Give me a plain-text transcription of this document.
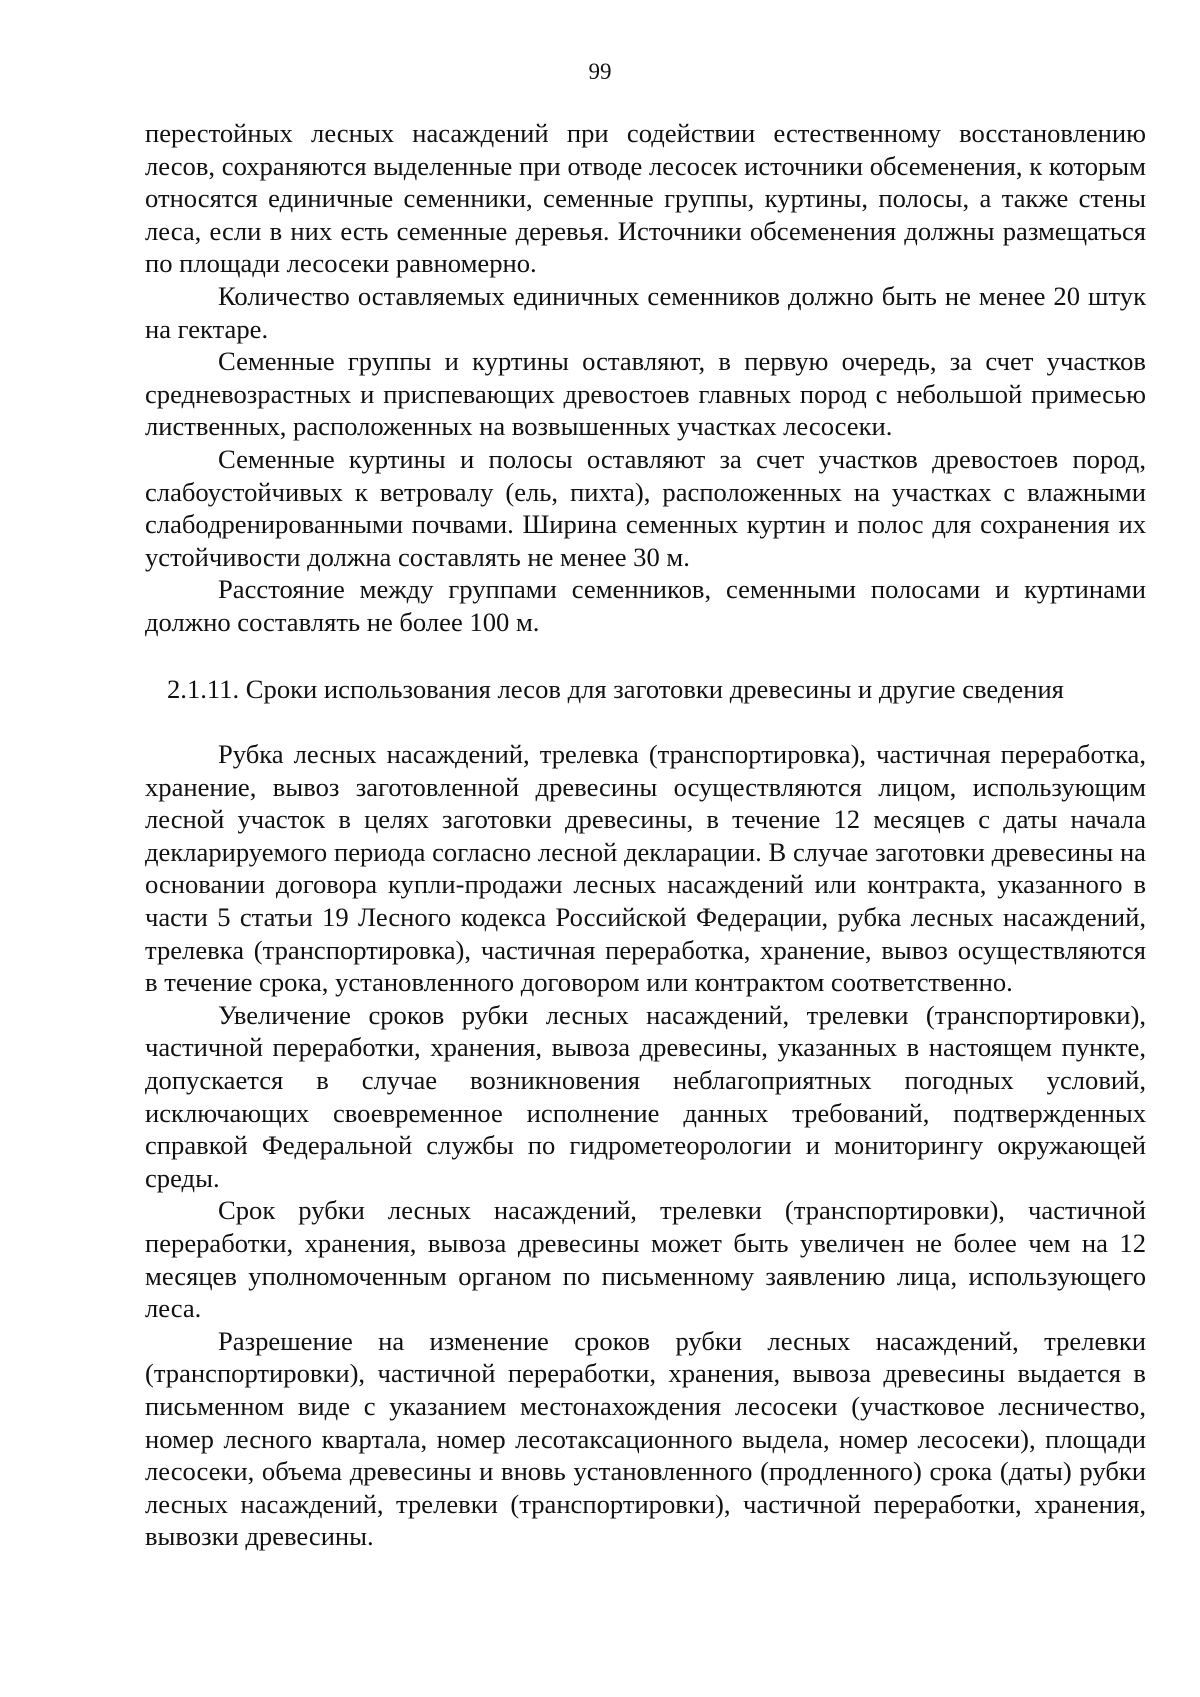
99

перестойных лесных насаждений при содействии естественному восстановлению лесов, сохраняются выделенные при отводе лесосек источники обсеменения, к которым относятся единичные семенники, семенные группы, куртины, полосы, а также стены леса, если в них есть семенные деревья. Источники обсеменения должны размещаться по площади лесосеки равномерно.

Количество оставляемых единичных семенников должно быть не менее 20 штук на гектаре.

Семенные группы и куртины оставляют, в первую очередь, за счет участков средневозрастных и приспевающих древостоев главных пород с небольшой примесью лиственных, расположенных на возвышенных участках лесосеки.

Семенные куртины и полосы оставляют за счет участков древостоев пород, слабоустойчивых к ветровалу (ель, пихта), расположенных на участках с влажными слабодренированными почвами. Ширина семенных куртин и полос для сохранения их устойчивости должна составлять не менее 30 м.

Расстояние между группами семенников, семенными полосами и куртинами должно составлять не более 100 м.

2.1.11. Сроки использования лесов для заготовки древесины и другие сведения

Рубка лесных насаждений, трелевка (транспортировка), частичная переработка, хранение, вывоз заготовленной древесины осуществляются лицом, использующим лесной участок в целях заготовки древесины, в течение 12 месяцев с даты начала декларируемого периода согласно лесной декларации. В случае заготовки древесины на основании договора купли-продажи лесных насаждений или контракта, указанного в части 5 статьи 19 Лесного кодекса Российской Федерации, рубка лесных насаждений, трелевка (транспортировка), частичная переработка, хранение, вывоз осуществляются в течение срока, установленного договором или контрактом соответственно.

Увеличение сроков рубки лесных насаждений, трелевки (транспортировки), частичной переработки, хранения, вывоза древесины, указанных в настоящем пункте, допускается в случае возникновения неблагоприятных погодных условий, исключающих своевременное исполнение данных требований, подтвержденных справкой Федеральной службы по гидрометеорологии и мониторингу окружающей среды.

Срок рубки лесных насаждений, трелевки (транспортировки), частичной переработки, хранения, вывоза древесины может быть увеличен не более чем на 12 месяцев уполномоченным органом по письменному заявлению лица, использующего леса.

Разрешение на изменение сроков рубки лесных насаждений, трелевки (транспортировки), частичной переработки, хранения, вывоза древесины выдается в письменном виде с указанием местонахождения лесосеки (участковое лесничество, номер лесного квартала, номер лесотаксационного выдела, номер лесосеки), площади лесосеки, объема древесины и вновь установленного (продленного) срока (даты) рубки лесных насаждений, трелевки (транспортировки), частичной переработки, хранения, вывозки древесины.
